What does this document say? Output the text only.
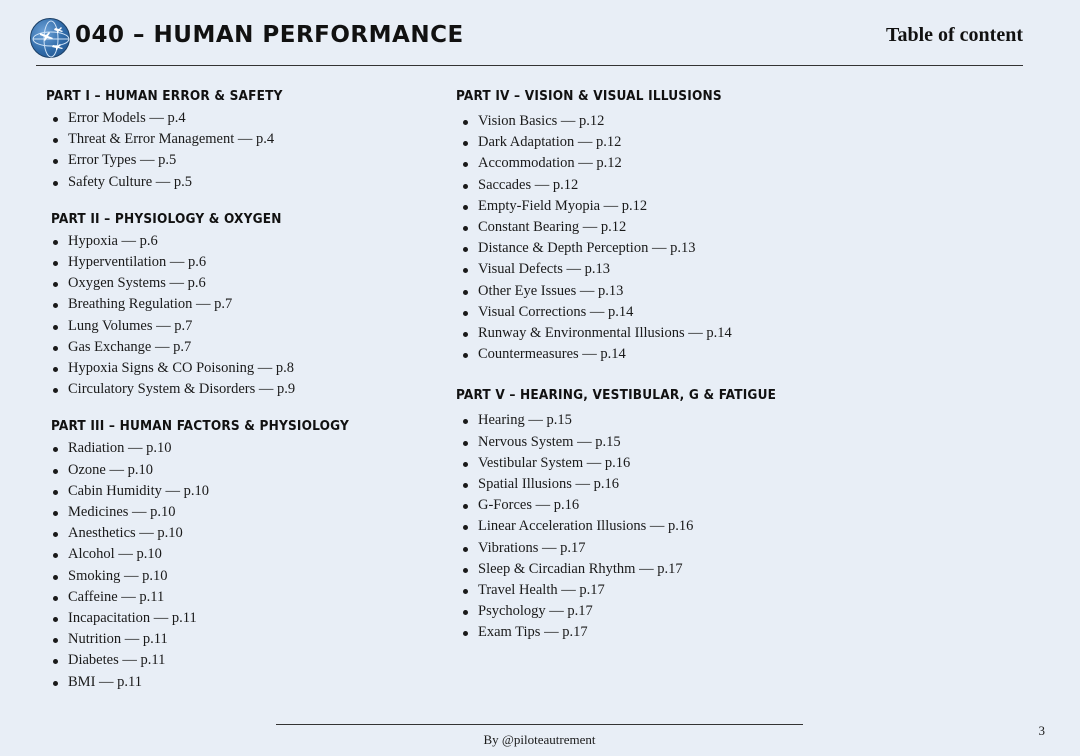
040 – HUMAN PERFORMANCE	Table of content
PART I – HUMAN ERROR & SAFETY
Error Models — p.4
Threat & Error Management — p.4
Error Types — p.5
Safety Culture — p.5
PART II – PHYSIOLOGY & OXYGEN
Hypoxia — p.6
Hyperventilation — p.6
Oxygen Systems — p.6
Breathing Regulation — p.7
Lung Volumes — p.7
Gas Exchange — p.7
Hypoxia Signs & CO Poisoning — p.8
Circulatory System & Disorders — p.9
PART III – HUMAN FACTORS & PHYSIOLOGY
Radiation — p.10
Ozone — p.10
Cabin Humidity — p.10
Medicines — p.10
Anesthetics — p.10
Alcohol — p.10
Smoking — p.10
Caffeine — p.11
Incapacitation — p.11
Nutrition — p.11
Diabetes — p.11
BMI — p.11
PART IV – VISION & VISUAL ILLUSIONS
Vision Basics — p.12
Dark Adaptation — p.12
Accommodation — p.12
Saccades — p.12
Empty-Field Myopia — p.12
Constant Bearing — p.12
Distance & Depth Perception — p.13
Visual Defects — p.13
Other Eye Issues — p.13
Visual Corrections — p.14
Runway & Environmental Illusions — p.14
Countermeasures — p.14
PART V – HEARING, VESTIBULAR, G & FATIGUE
Hearing — p.15
Nervous System — p.15
Vestibular System — p.16
Spatial Illusions — p.16
G-Forces — p.16
Linear Acceleration Illusions — p.16
Vibrations — p.17
Sleep & Circadian Rhythm — p.17
Travel Health — p.17
Psychology — p.17
Exam Tips — p.17
By @piloteautrement
3
